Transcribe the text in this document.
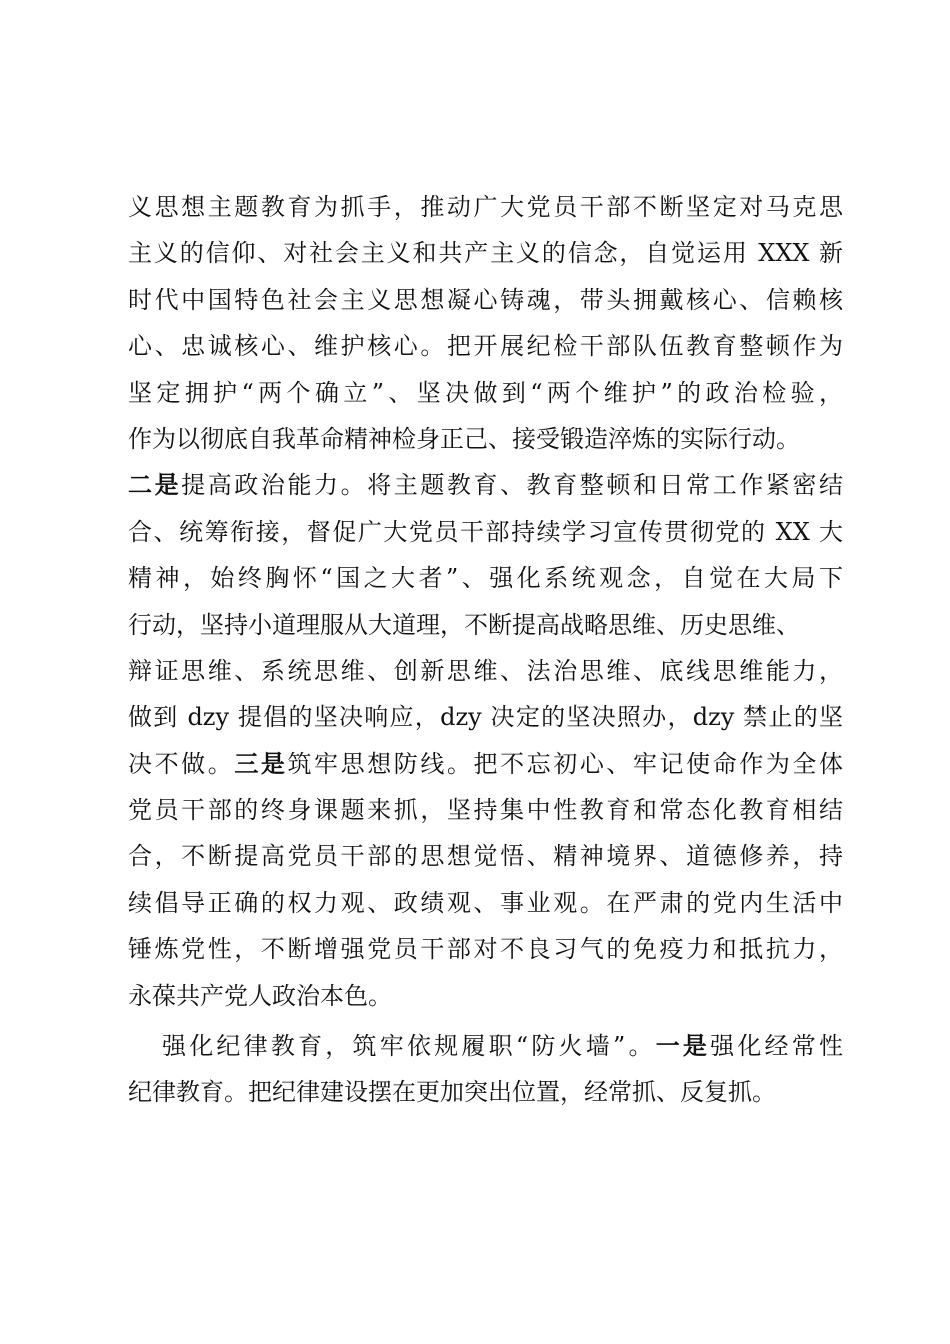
义思想主题教育为抓手，推动广大党员干部不断坚定对马克思
主义的信仰、对社会主义和共产主义的信念，自觉运用 XXX 新
时代中国特色社会主义思想凝心铸魂，带头拥戴核心、信赖核
心、忠诚核心、维护核心。把开展纪检干部队伍教育整顿作为
坚定拥护“两个确立”、坚决做到“两个维护”的政治检验，
作为以彻底自我革命精神检身正己、接受锻造淬炼的实际行动。
二是提高政治能力。将主题教育、教育整顿和日常工作紧密结
合、统筹衔接，督促广大党员干部持续学习宣传贯彻党的 XX 大
精神，始终胸怀“国之大者”、强化系统观念，自觉在大局下
行动，坚持小道理服从大道理，不断提高战略思维、历史思维、
辩证思维、系统思维、创新思维、法治思维、底线思维能力，
做到 dzy 提倡的坚决响应，dzy 决定的坚决照办，dzy 禁止的坚
决不做。三是筑牢思想防线。把不忘初心、牢记使命作为全体
党员干部的终身课题来抓，坚持集中性教育和常态化教育相结
合，不断提高党员干部的思想觉悟、精神境界、道德修养，持
续倡导正确的权力观、政绩观、事业观。在严肃的党内生活中
锤炼党性，不断增强党员干部对不良习气的免疫力和抵抗力，
永葆共产党人政治本色。
强化纪律教育，筑牢依规履职“防火墙”。一是强化经常性
纪律教育。把纪律建设摆在更加突出位置，经常抓、反复抓。
